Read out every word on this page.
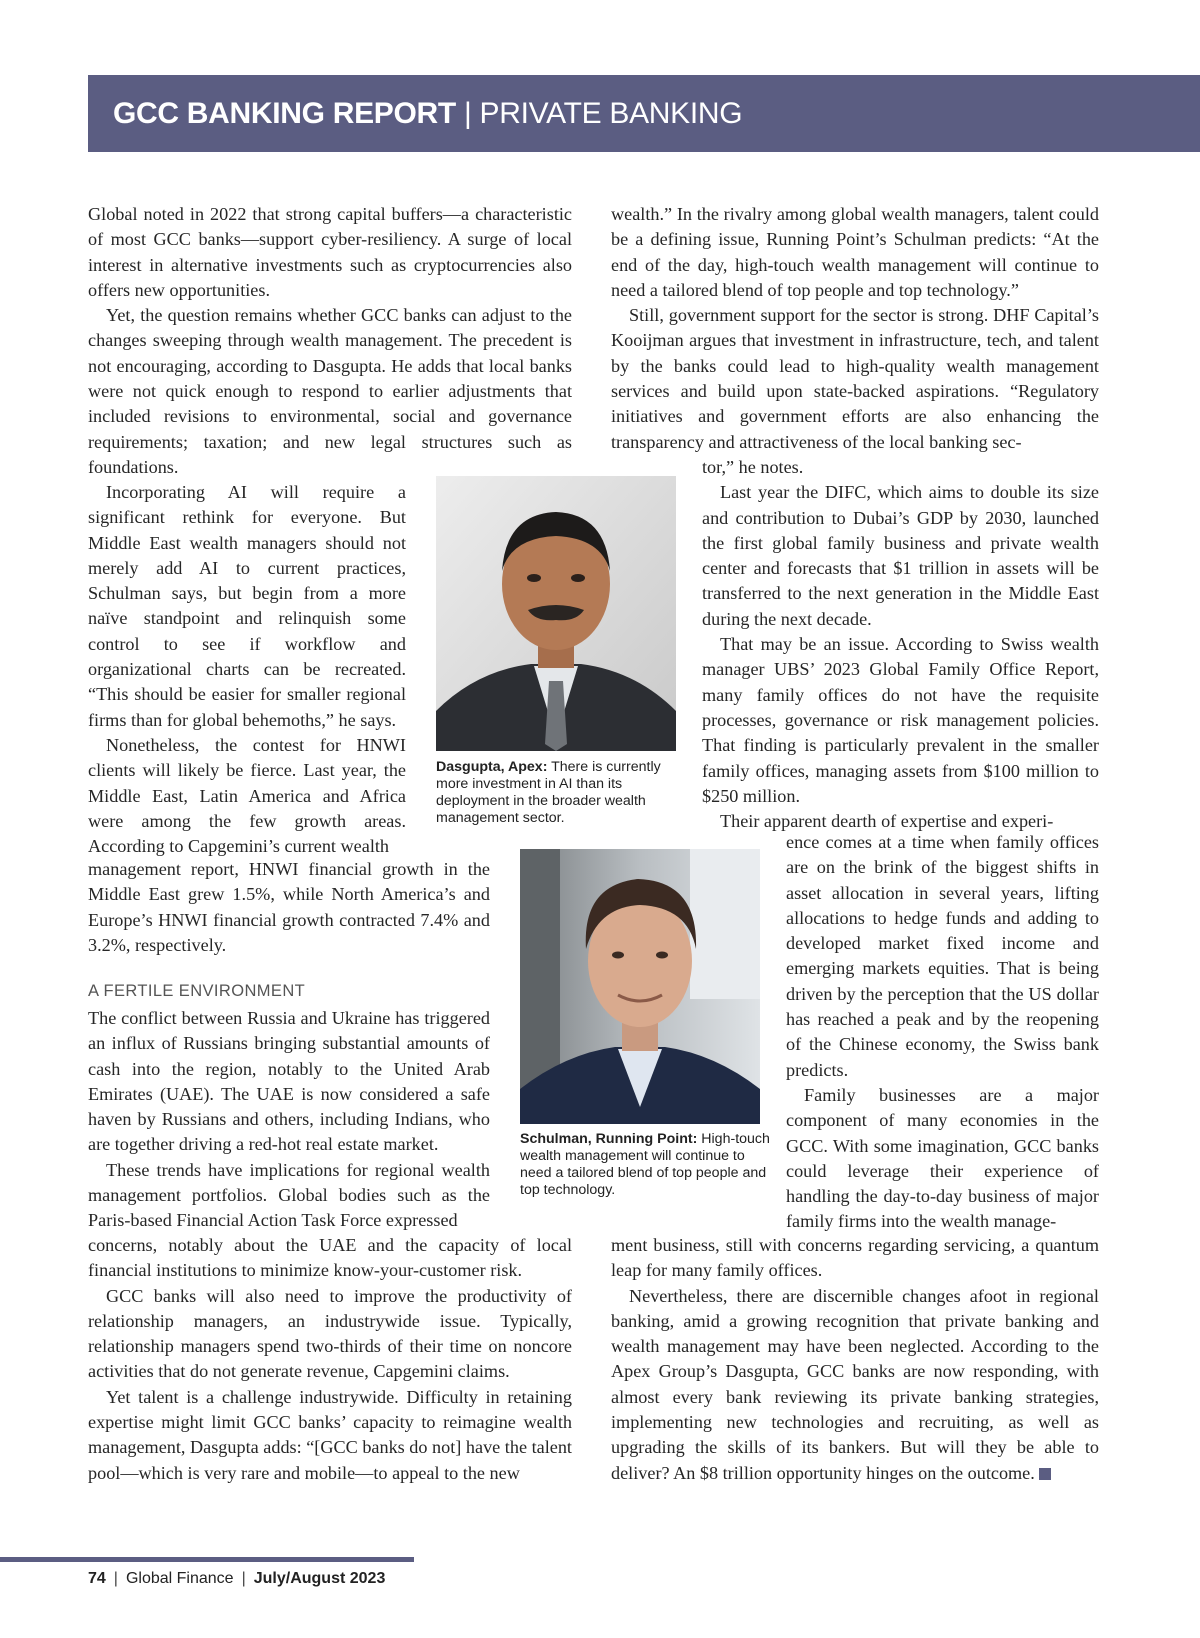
GCC BANKING REPORT | PRIVATE BANKING

Global noted in 2022 that strong capital buffers—a characteristic of most GCC banks—support cyber-resiliency. A surge of local interest in alternative investments such as cryptocurrencies also offers new opportunities.

Yet, the question remains whether GCC banks can adjust to the changes sweeping through wealth management. The precedent is not encouraging, according to Dasgupta. He adds that local banks were not quick enough to respond to earlier adjustments that included revisions to environmental, social and governance requirements; taxation; and new legal structures such as foundations.

Incorporating AI will require a significant rethink for everyone. But Middle East wealth managers should not merely add AI to current practices, Schulman says, but begin from a more naïve standpoint and relinquish some control to see if workflow and organizational charts can be recreated. “This should be easier for smaller regional firms than for global behemoths,” he says.

Nonetheless, the contest for HNWI clients will likely be fierce. Last year, the Middle East, Latin America and Africa were among the few growth areas. According to Capgemini’s current wealth

management report, HNWI financial growth in the Middle East grew 1.5%, while North America’s and Europe’s HNWI financial growth contracted 7.4% and 3.2%, respectively.

A FERTILE ENVIRONMENT

The conflict between Russia and Ukraine has triggered an influx of Russians bringing substantial amounts of cash into the region, notably to the United Arab Emirates (UAE). The UAE is now considered a safe haven by Russians and others, including Indians, who are together driving a red-hot real estate market.

These trends have implications for regional wealth management portfolios. Global bodies such as the Paris-based Financial Action Task Force expressed

concerns, notably about the UAE and the capacity of local financial institutions to minimize know-your-customer risk.

GCC banks will also need to improve the productivity of relationship managers, an industrywide issue. Typically, relationship managers spend two-thirds of their time on noncore activities that do not generate revenue, Capgemini claims.

Yet talent is a challenge industrywide. Difficulty in retaining expertise might limit GCC banks’ capacity to reimagine wealth management, Dasgupta adds: “[GCC banks do not] have the talent pool—which is very rare and mobile—to appeal to the new

wealth.” In the rivalry among global wealth managers, talent could be a defining issue, Running Point’s Schulman predicts: “At the end of the day, high-touch wealth management will continue to need a tailored blend of top people and top technology.”

Still, government support for the sector is strong. DHF Capital’s Kooijman argues that investment in infrastructure, tech, and talent by the banks could lead to high-quality wealth management services and build upon state-backed aspirations. “Regulatory initiatives and government efforts are also enhancing the transparency and attractiveness of the local banking sec-

tor,” he notes.

Last year the DIFC, which aims to double its size and contribution to Dubai’s GDP by 2030, launched the first global family business and private wealth center and forecasts that $1 trillion in assets will be transferred to the next generation in the Middle East during the next decade.

That may be an issue. According to Swiss wealth manager UBS’ 2023 Global Family Office Report, many family offices do not have the requisite processes, governance or risk management policies. That finding is particularly prevalent in the smaller family offices, managing assets from $100 million to $250 million.

Their apparent dearth of expertise and experi-

ence comes at a time when family offices are on the brink of the biggest shifts in asset allocation in several years, lifting allocations to hedge funds and adding to developed market fixed income and emerging markets equities. That is being driven by the perception that the US dollar has reached a peak and by the reopening of the Chinese economy, the Swiss bank predicts.

Family businesses are a major component of many economies in the GCC. With some imagination, GCC banks could leverage their experience of handling the day-to-day business of major family firms into the wealth manage-

ment business, still with concerns regarding servicing, a quantum leap for many family offices.

Nevertheless, there are discernible changes afoot in regional banking, amid a growing recognition that private banking and wealth management may have been neglected. According to the Apex Group’s Dasgupta, GCC banks are now responding, with almost every bank reviewing its private banking strategies, implementing new technologies and recruiting, as well as upgrading the skills of its bankers. But will they be able to deliver? An $8 trillion opportunity hinges on the outcome.

Dasgupta, Apex: There is currently more investment in AI than its deployment in the broader wealth management sector.
Schulman, Running Point: High-touch wealth management will continue to need a tailored blend of top people and top technology.
74 | Global Finance | July/August 2023
